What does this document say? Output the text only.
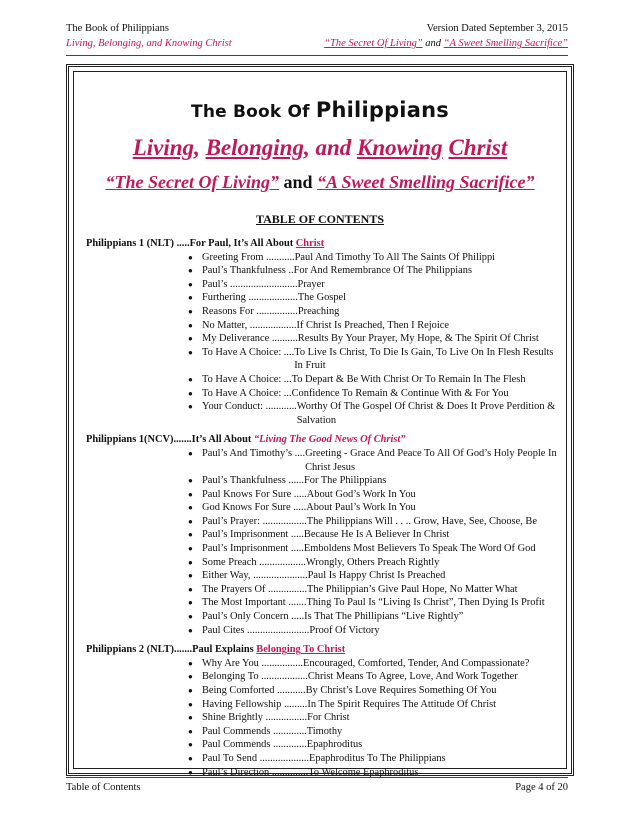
The Book of Philippians	Version Dated September 3, 2015
Living, Belonging, and Knowing Christ	“The Secret Of Living” and “A Sweet Smelling Sacrifice”
The Book Of Philippians
Living, Belonging, and Knowing Christ
“The Secret Of Living” and “A Sweet Smelling Sacrifice”
TABLE OF CONTENTS
Philippians 1 (NLT) .....For Paul, It’s All About Christ
● Greeting From ........... Paul And Timothy To All The Saints Of Philippi
● Paul’s Thankfulness .. For And Remembrance Of The Philippians
● Paul’s .......................... Prayer
● Furthering ................... The Gospel
● Reasons For ................ Preaching
● No Matter, .................. If Christ Is Preached, Then I Rejoice
● My Deliverance .......... Results By Your Prayer, My Hope, & The Spirit Of Christ
● To Have A Choice: .... To Live Is Christ, To Die Is Gain, To Live On In Flesh Results In Fruit
● To Have A Choice: ... To Depart & Be With Christ Or To Remain In The Flesh
● To Have A Choice: ... Confidence To Remain & Continue With & For You
● Your Conduct: ............ Worthy Of The Gospel Of Christ & Does It Prove Perdition & Salvation
Philippians 1(NCV).......It’s All About “Living The Good News Of Christ”
● Paul’s And Timothy’s .... Greeting - Grace And Peace To All Of God’s Holy People In Christ Jesus
● Paul’s Thankfulness ...... For The Philippians
● Paul Knows For Sure ..... About God’s Work In You
● God Knows For Sure ..... About Paul’s Work In You
● Paul’s Prayer: ................. The Philippians Will . . .. Grow, Have, See, Choose, Be
● Paul’s Imprisonment ..... Because He Is A Believer In Christ
● Paul’s Imprisonment ..... Emboldens Most Believers To Speak The Word Of God
● Some Preach .................. Wrongly, Others Preach Rightly
● Either Way, ..................... Paul Is Happy Christ Is Preached
● The Prayers Of ............... The Philippian’s Give Paul Hope, No Matter What
● The Most Important ....... Thing To Paul Is “Living Is Christ”, Then Dying Is Profit
● Paul’s Only Concern ..... Is That The Phillipians “Live Rightly”
● Paul Cites ........................ Proof Of Victory
Philippians 2 (NLT).......Paul Explains Belonging To Christ
● Why Are You ................ Encouraged, Comforted, Tender, And Compassionate?
● Belonging To .................. Christ Means To Agree, Love, And Work Together
● Being Comforted ........... By Christ’s Love Requires Something Of You
● Having Fellowship ......... In The Spirit Requires The Attitude Of Christ
● Shine Brightly ................ For Christ
● Paul Commends ............. Timothy
● Paul Commends ............. Epaphroditus
● Paul To Send ................... Epaphroditus To The Philippians
● Paul’s Direction .............. To Welcome Epaphroditus
Table of Contents	Page 4 of 20
